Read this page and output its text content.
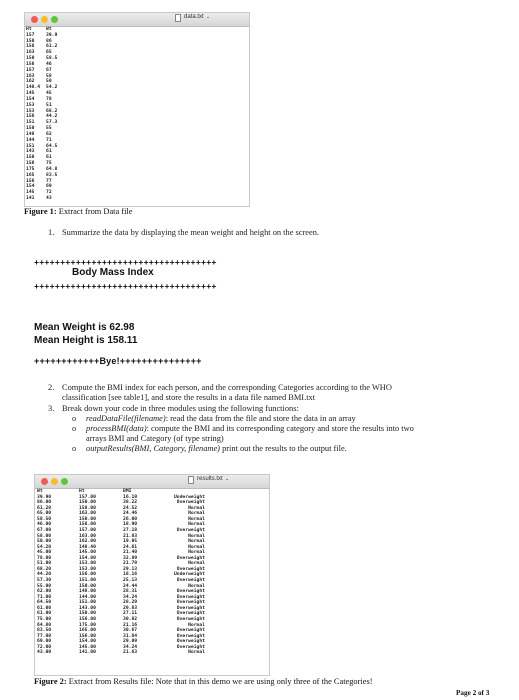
data.txt ⌄
Ht	Wt
157	39.9
150	86
158	61.2
163	65
150	58.5
156	46
157	67
163	58
162	50
148.4	54.2
145	45
154	78
153	51
153	68.2
156	44.2
151	57.3
150	55
148	62
144	71
151	64.5
143	61
150	61
156	75
175	64.8
165	83.5
156	77
154	69
145	72
141	43
Figure 1: Extract from Data file
1. Summarize the data by displaying the mean weight and height on the screen.
+++++++++++++++++++++++++++++++++++
Body Mass Index
+++++++++++++++++++++++++++++++++++
Mean Weight is 62.98
Mean Height is 158.11
++++++++++++Bye!+++++++++++++++
2. Compute the BMI index for each person, and the corresponding Categories according to the WHO
classification [see table1], and store the results in a data file named BMI.txt
3. Break down your code in three modules using the following functions:
o readDataFile(filename): read the data from the file and store the data in an array
o processBMI(data): compute the BMI and its corresponding category and store the results into two
arrays BMI and Category (of type string)
o outputResults(BMI, Category, filename) print out the results to the output file.
results.txt ⌄
Wt	Ht	BMI
39.90	157.00	16.19	Underweight
86.00	150.00	38.22	Overweight
61.20	158.00	24.52	Normal
65.00	163.00	24.46	Normal
58.50	150.00	26.00	Normal
46.00	156.00	18.90	Normal
67.00	157.00	27.18	Overweight
58.00	163.00	21.83	Normal
50.00	162.00	19.05	Normal
54.20	148.40	24.61	Normal
45.00	145.00	21.40	Normal
78.00	154.00	32.89	Overweight
51.00	153.00	21.79	Normal
68.20	153.00	29.13	Overweight
44.20	156.00	18.16	Underweight
57.30	151.00	25.13	Overweight
55.00	150.00	24.44	Normal
62.00	148.00	28.31	Overweight
71.00	144.00	34.24	Overweight
64.50	151.00	28.29	Overweight
61.00	143.00	29.83	Overweight
61.00	150.00	27.11	Overweight
75.00	156.00	30.82	Overweight
64.80	175.00	21.16	Normal
83.50	165.00	30.67	Overweight
77.00	156.00	31.64	Overweight
69.00	154.00	29.09	Overweight
72.00	145.00	34.24	Overweight
43.00	141.00	21.63	Normal
Figure 2: Extract from Results file: Note that in this demo we are using only three of the Categories!
Page 2 of 3
